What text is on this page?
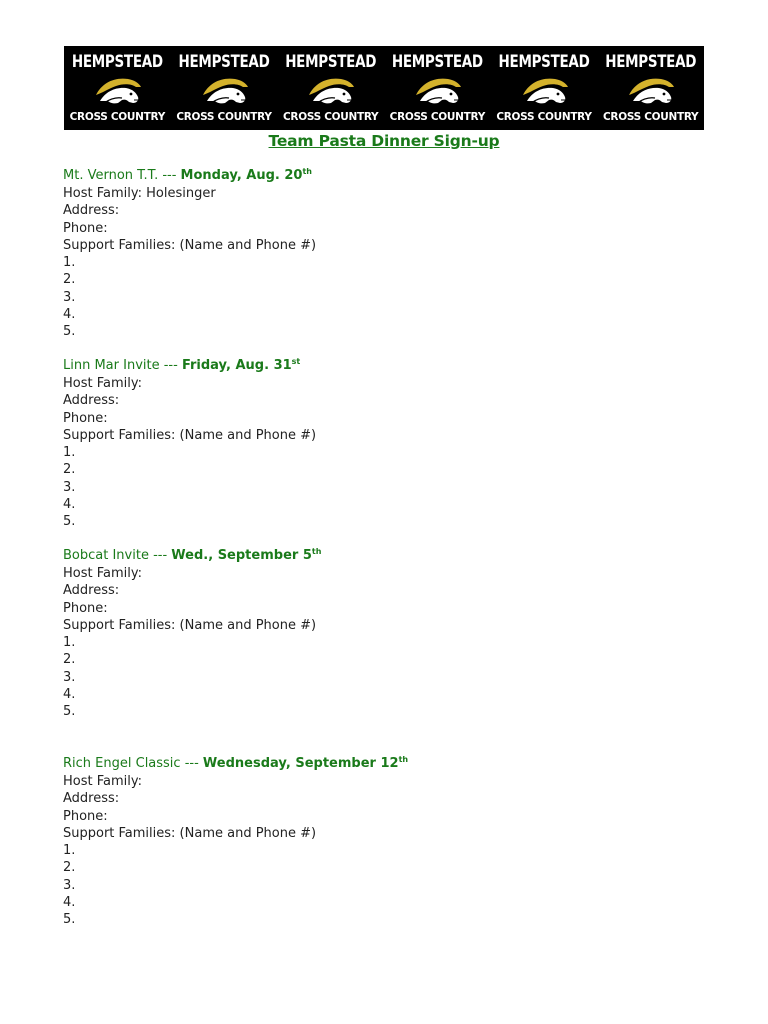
HEMPSTEAD
CROSS COUNTRY
HEMPSTEAD
CROSS COUNTRY
HEMPSTEAD
CROSS COUNTRY
HEMPSTEAD
CROSS COUNTRY
HEMPSTEAD
CROSS COUNTRY
HEMPSTEAD
CROSS COUNTRY
Team Pasta Dinner Sign-up
Mt. Vernon T.T. --- Monday, Aug. 20th
Host Family: Holesinger
Address:
Phone:
Support Families: (Name and Phone #)
1.
2.
3.
4.
5.
Linn Mar Invite --- Friday, Aug. 31st
Host Family:
Address:
Phone:
Support Families: (Name and Phone #)
1.
2.
3.
4.
5.
Bobcat Invite --- Wed., September 5th
Host Family:
Address:
Phone:
Support Families: (Name and Phone #)
1.
2.
3.
4.
5.
Rich Engel Classic --- Wednesday, September 12th
Host Family:
Address:
Phone:
Support Families: (Name and Phone #)
1.
2.
3.
4.
5.
